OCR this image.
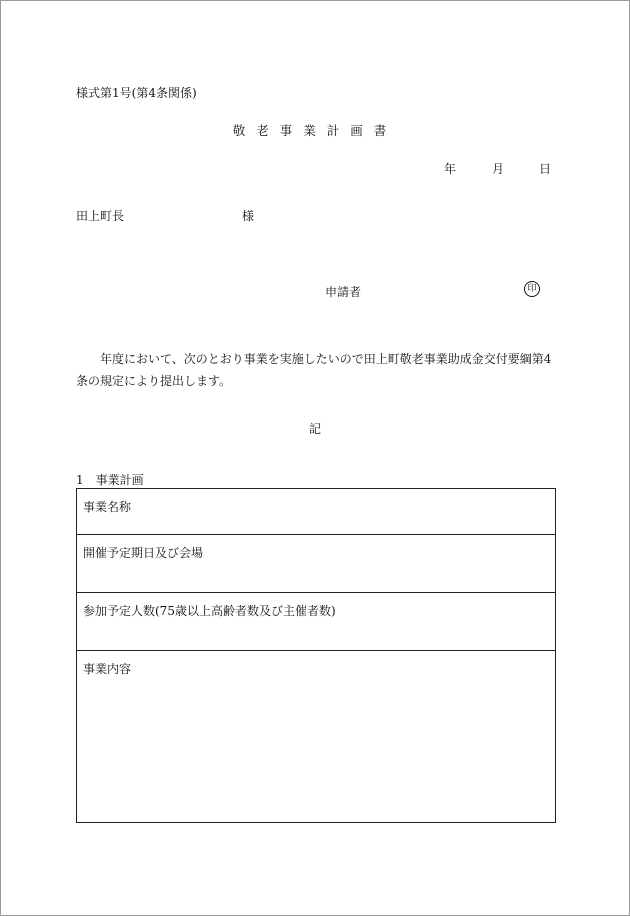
様式第1号(第4条関係)
敬老事業計画書
年	月	日
田上町長	様
申請者	印
年度において、次のとおり事業を実施したいので田上町敬老事業助成金交付要綱第4条の規定により提出します。
記
1　事業計画
事業名称
開催予定期日及び会場
参加予定人数(75歳以上高齢者数及び主催者数)
事業内容
